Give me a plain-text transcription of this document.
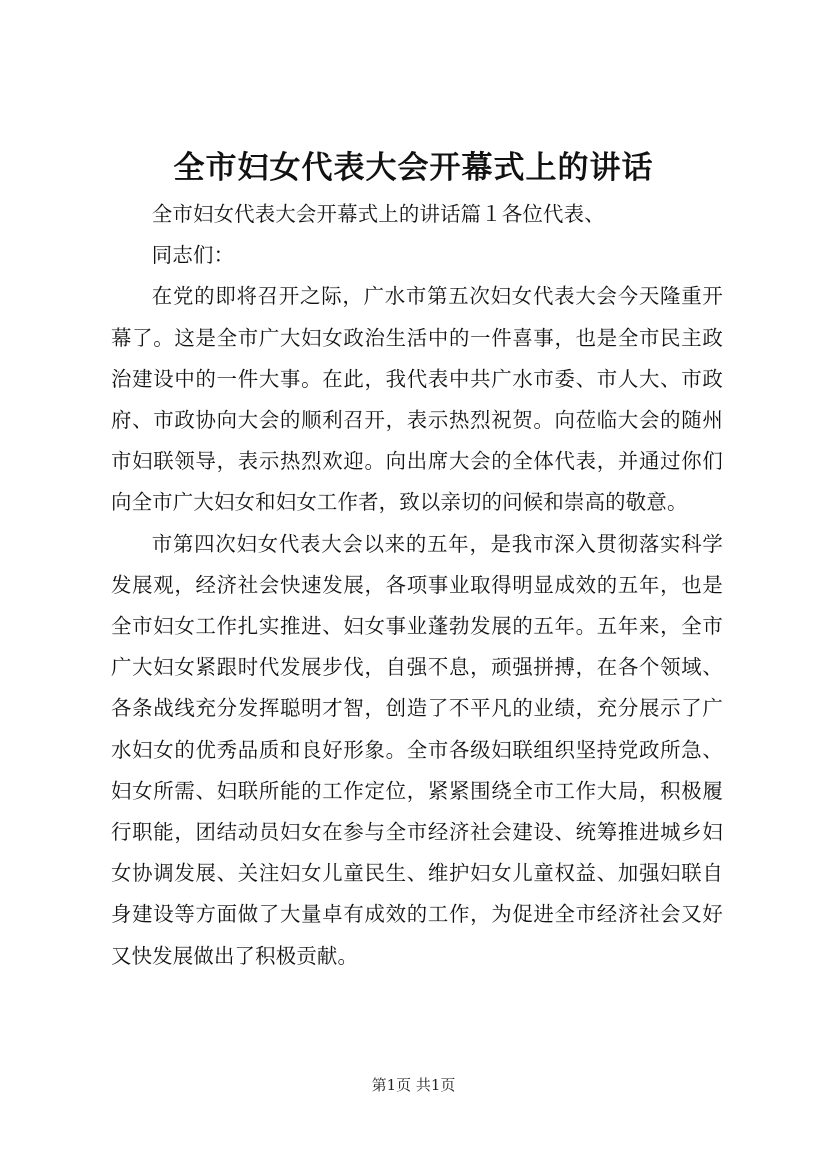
全市妇女代表大会开幕式上的讲话

全市妇女代表大会开幕式上的讲话篇１各位代表、

同志们：

在党的即将召开之际，广水市第五次妇女代表大会今天隆重开幕了。这是全市广大妇女政治生活中的一件喜事，也是全市民主政治建设中的一件大事。在此，我代表中共广水市委、市人大、市政府、市政协向大会的顺利召开，表示热烈祝贺。向莅临大会的随州市妇联领导，表示热烈欢迎。向出席大会的全体代表，并通过你们向全市广大妇女和妇女工作者，致以亲切的问候和崇高的敬意。

市第四次妇女代表大会以来的五年，是我市深入贯彻落实科学发展观，经济社会快速发展，各项事业取得明显成效的五年，也是全市妇女工作扎实推进、妇女事业蓬勃发展的五年。五年来，全市广大妇女紧跟时代发展步伐，自强不息，顽强拼搏，在各个领域、各条战线充分发挥聪明才智，创造了不平凡的业绩，充分展示了广水妇女的优秀品质和良好形象。全市各级妇联组织坚持党政所急、妇女所需、妇联所能的工作定位，紧紧围绕全市工作大局，积极履行职能，团结动员妇女在参与全市经济社会建设、统筹推进城乡妇女协调发展、关注妇女儿童民生、维护妇女儿童权益、加强妇联自身建设等方面做了大量卓有成效的工作，为促进全市经济社会又好又快发展做出了积极贡献。

第1页 共1页
